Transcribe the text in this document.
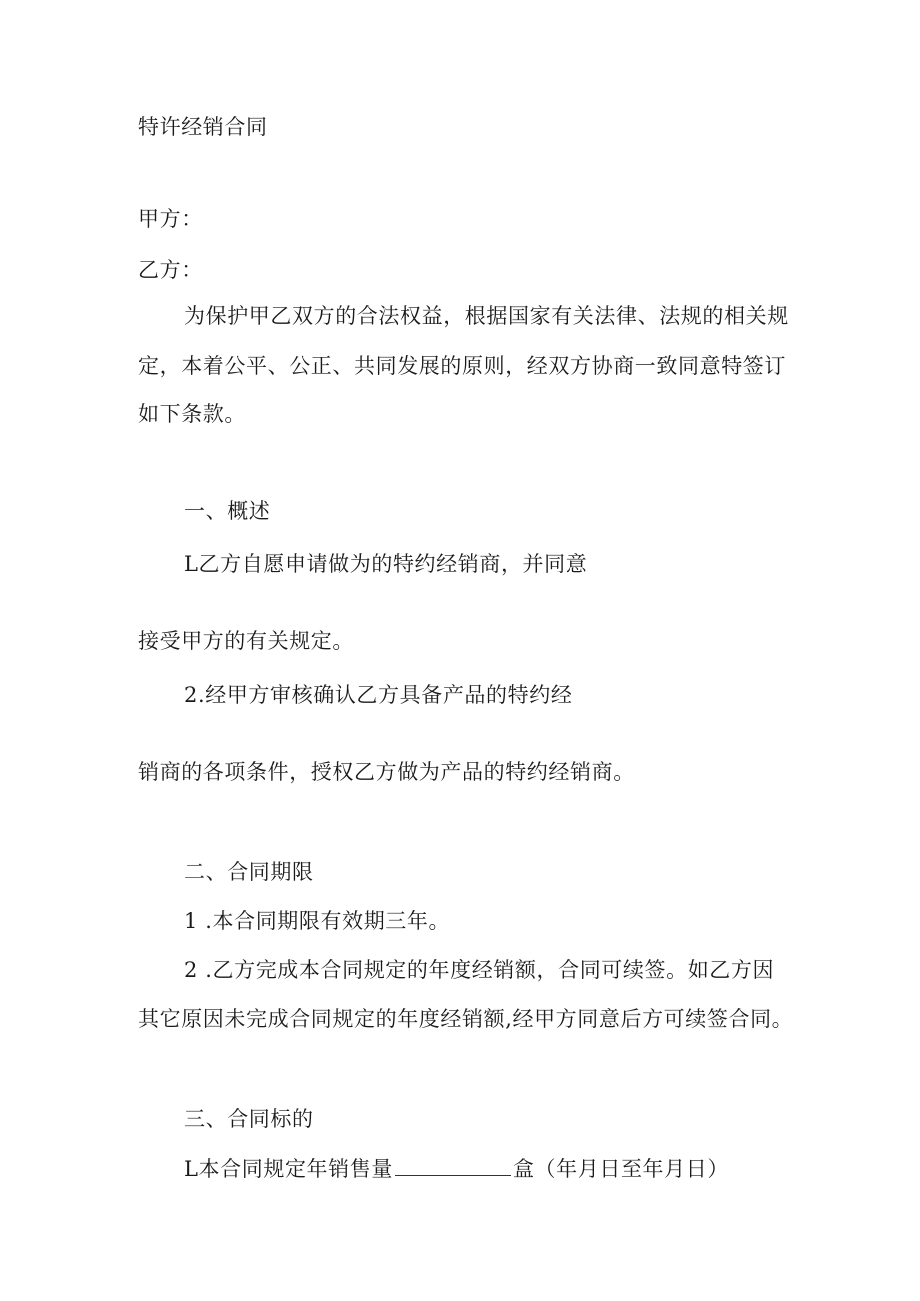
特许经销合同
甲方：
乙方：
为保护甲乙双方的合法权益，根据国家有关法律、法规的相关规
定，本着公平、公正、共同发展的原则，经双方协商一致同意特签订
如下条款。
一、概述
L乙方自愿申请做为的特约经销商，并同意
接受甲方的有关规定。
2.经甲方审核确认乙方具备产品的特约经
销商的各项条件，授权乙方做为产品的特约经销商。
二、合同期限
1 .本合同期限有效期三年。
2 .乙方完成本合同规定的年度经销额，合同可续签。如乙方因
其它原因未完成合同规定的年度经销额,经甲方同意后方可续签合同。
三、合同标的
L本合同规定年销售量	盒（年月日至年月日）
